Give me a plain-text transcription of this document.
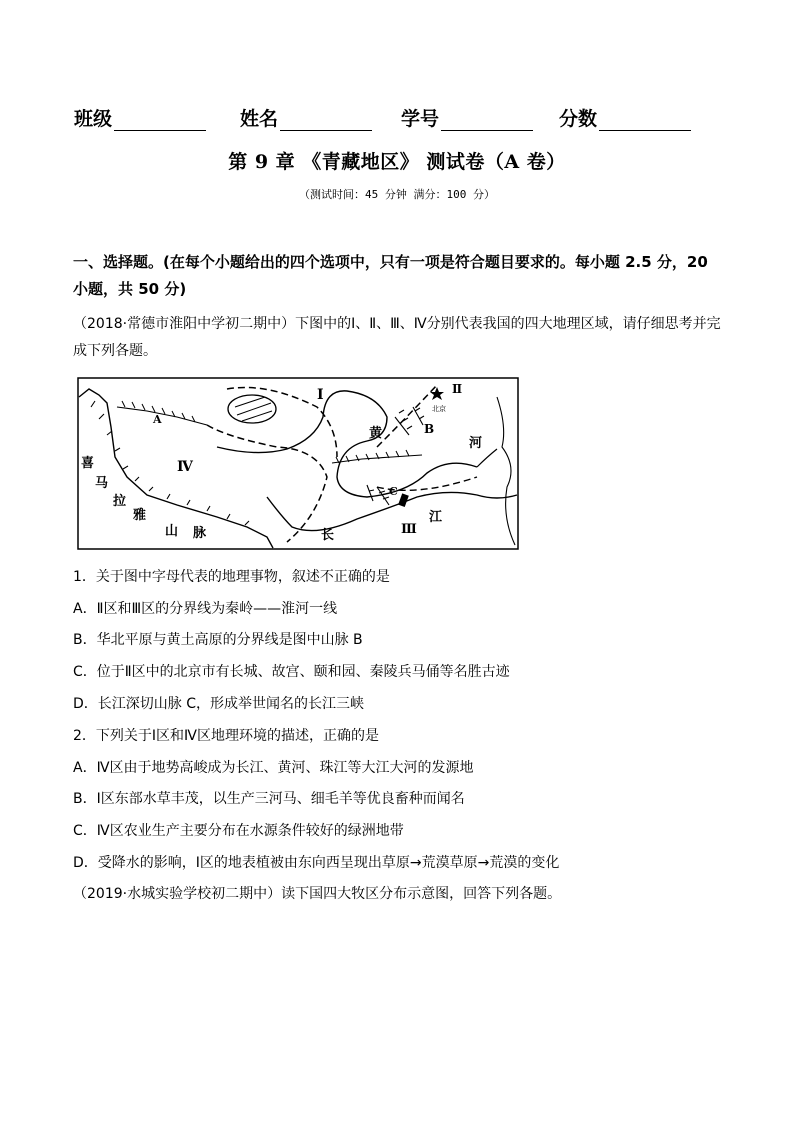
班级	姓名	学号	分数
第 9 章 《青藏地区》 测试卷（A 卷）
（测试时间：45 分钟 满分：100 分）
一、选择题。(在每个小题给出的四个选项中，只有一项是符合题目要求的。每小题 2.5 分，20 小题，共 50 分)
（2018·常德市淮阳中学初二期中）下图中的Ⅰ、Ⅱ、Ⅲ、Ⅳ分别代表我国的四大地理区域，请仔细思考并完成下列各题。
Ⅰ	Ⅱ
Ⅲ
Ⅳ
A
B
C
北京
黄
河
长
江
喜
马
拉
雅
山 脉
1．关于图中字母代表的地理事物，叙述不正确的是
A．Ⅱ区和Ⅲ区的分界线为秦岭——淮河一线
B．华北平原与黄土高原的分界线是图中山脉 B
C．位于Ⅱ区中的北京市有长城、故宫、颐和园、秦陵兵马俑等名胜古迹
D．长江深切山脉 C，形成举世闻名的长江三峡
2．下列关于Ⅰ区和Ⅳ区地理环境的描述，正确的是
A．Ⅳ区由于地势高峻成为长江、黄河、珠江等大江大河的发源地
B．Ⅰ区东部水草丰茂，以生产三河马、细毛羊等优良畜种而闻名
C．Ⅳ区农业生产主要分布在水源条件较好的绿洲地带
D．受降水的影响，Ⅰ区的地表植被由东向西呈现出草原→荒漠草原→荒漠的变化
（2019·水城实验学校初二期中）读下国四大牧区分布示意图，回答下列各题。
